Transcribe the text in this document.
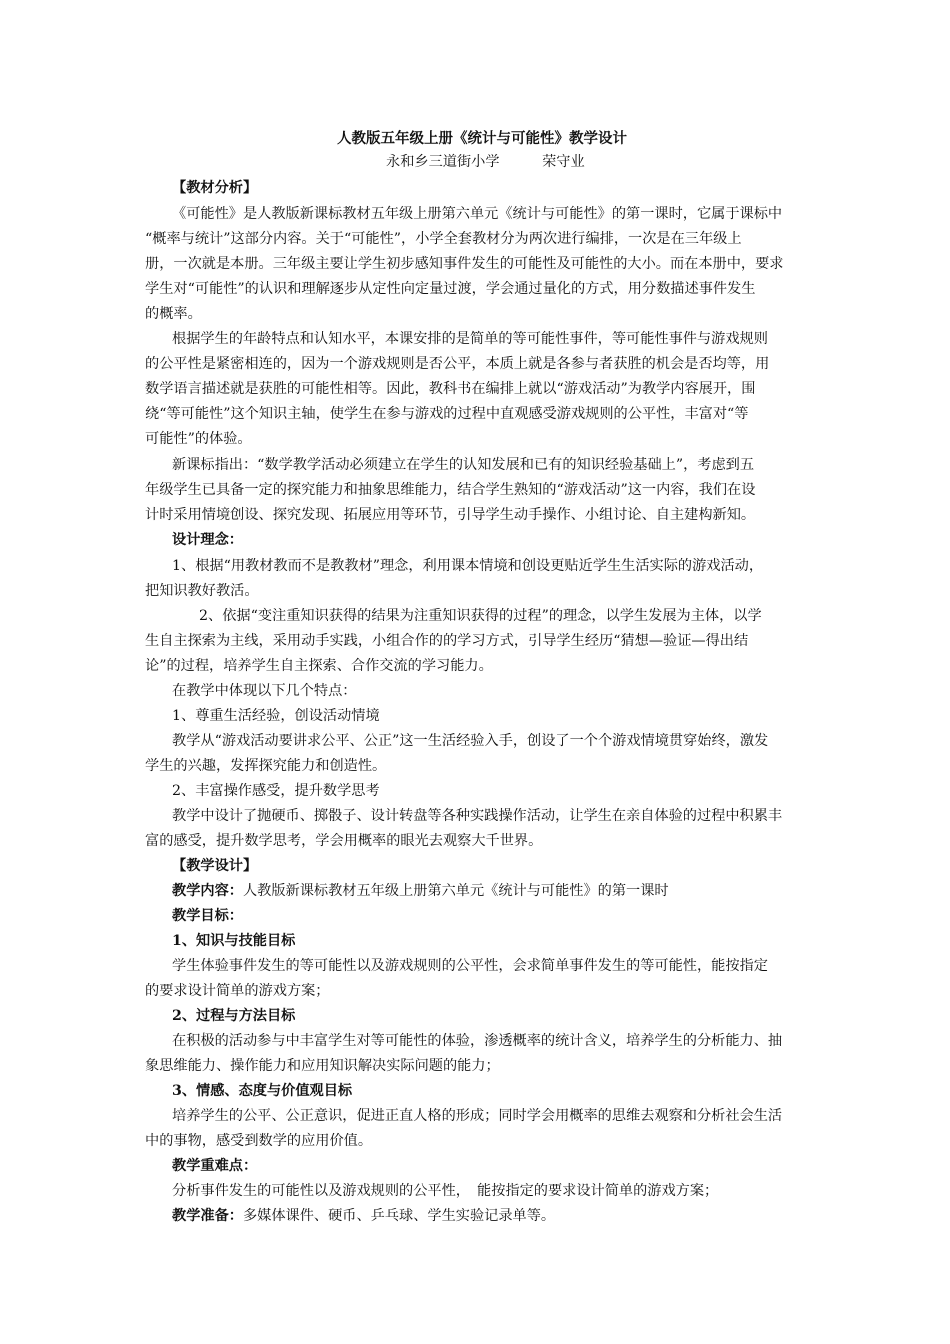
人教版五年级上册《统计与可能性》教学设计
永和乡三道街小学　　　荣守业
【教材分析】
《可能性》是人教版新课标教材五年级上册第六单元《统计与可能性》的第一课时，它属于课标中
“概率与统计”这部分内容。关于“可能性”，小学全套教材分为两次进行编排，一次是在三年级上
册，一次就是本册。三年级主要让学生初步感知事件发生的可能性及可能性的大小。而在本册中，要求
学生对“可能性”的认识和理解逐步从定性向定量过渡，学会通过量化的方式，用分数描述事件发生
的概率。
根据学生的年龄特点和认知水平，本课安排的是简单的等可能性事件，等可能性事件与游戏规则
的公平性是紧密相连的，因为一个游戏规则是否公平，本质上就是各参与者获胜的机会是否均等，用
数学语言描述就是获胜的可能性相等。因此，教科书在编排上就以“游戏活动”为教学内容展开，围
绕“等可能性”这个知识主轴，使学生在参与游戏的过程中直观感受游戏规则的公平性，丰富对“等
可能性”的体验。
新课标指出：“数学教学活动必须建立在学生的认知发展和已有的知识经验基础上”，考虑到五
年级学生已具备一定的探究能力和抽象思维能力，结合学生熟知的“游戏活动”这一内容，我们在设
计时采用情境创设、探究发现、拓展应用等环节，引导学生动手操作、小组讨论、自主建构新知。
设计理念：
1、根据“用教材教而不是教教材”理念，利用课本情境和创设更贴近学生生活实际的游戏活动，
把知识教好教活。
2、依据“变注重知识获得的结果为注重知识获得的过程”的理念，以学生发展为主体，以学
生自主探索为主线，采用动手实践，小组合作的的学习方式，引导学生经历“猜想—验证—得出结
论”的过程，培养学生自主探索、合作交流的学习能力。
在教学中体现以下几个特点：
1、尊重生活经验，创设活动情境
教学从“游戏活动要讲求公平、公正”这一生活经验入手，创设了一个个游戏情境贯穿始终，激发
学生的兴趣，发挥探究能力和创造性。
2、丰富操作感受，提升数学思考
教学中设计了抛硬币、掷骰子、设计转盘等各种实践操作活动，让学生在亲自体验的过程中积累丰
富的感受，提升数学思考，学会用概率的眼光去观察大千世界。
【教学设计】
教学内容：人教版新课标教材五年级上册第六单元《统计与可能性》的第一课时
教学目标：
1、知识与技能目标
学生体验事件发生的等可能性以及游戏规则的公平性，会求简单事件发生的等可能性，能按指定
的要求设计简单的游戏方案；
2、过程与方法目标
在积极的活动参与中丰富学生对等可能性的体验，渗透概率的统计含义，培养学生的分析能力、抽
象思维能力、操作能力和应用知识解决实际问题的能力；
3、情感、态度与价值观目标
培养学生的公平、公正意识，促进正直人格的形成；同时学会用概率的思维去观察和分析社会生活
中的事物，感受到数学的应用价值。
教学重难点：
分析事件发生的可能性以及游戏规则的公平性，　能按指定的要求设计简单的游戏方案；
教学准备：多媒体课件、硬币、乒乓球、学生实验记录单等。
